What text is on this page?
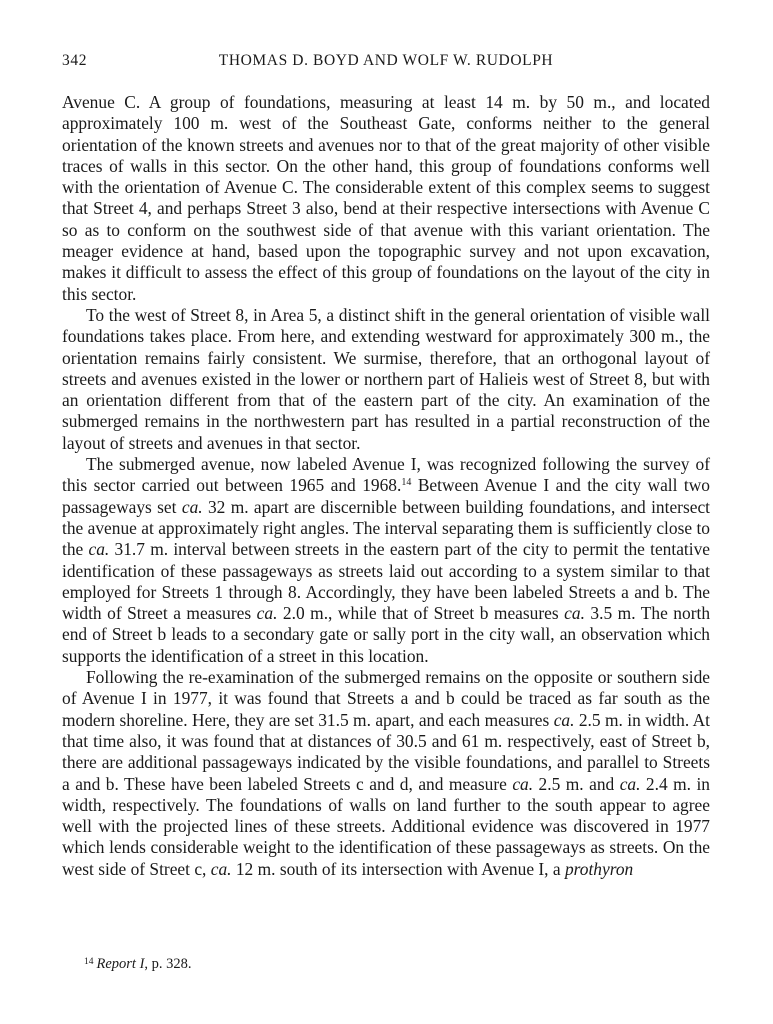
342	THOMAS D. BOYD AND WOLF W. RUDOLPH

Avenue C. A group of foundations, measuring at least 14 m. by 50 m., and located approximately 100 m. west of the Southeast Gate, conforms neither to the general orientation of the known streets and avenues nor to that of the great majority of other visible traces of walls in this sector. On the other hand, this group of foundations conforms well with the orientation of Avenue C. The considerable extent of this complex seems to suggest that Street 4, and perhaps Street 3 also, bend at their respective intersections with Avenue C so as to conform on the southwest side of that avenue with this variant orientation. The meager evidence at hand, based upon the topographic survey and not upon excavation, makes it difficult to assess the effect of this group of foundations on the layout of the city in this sector.

To the west of Street 8, in Area 5, a distinct shift in the general orientation of visible wall foundations takes place. From here, and extending westward for approximately 300 m., the orientation remains fairly consistent. We surmise, therefore, that an orthogonal layout of streets and avenues existed in the lower or northern part of Halieis west of Street 8, but with an orientation different from that of the eastern part of the city. An examination of the submerged remains in the northwestern part has resulted in a partial reconstruction of the layout of streets and avenues in that sector.

The submerged avenue, now labeled Avenue I, was recognized following the survey of this sector carried out between 1965 and 1968.14 Between Avenue I and the city wall two passageways set ca. 32 m. apart are discernible between building foundations, and intersect the avenue at approximately right angles. The interval separating them is sufficiently close to the ca. 31.7 m. interval between streets in the eastern part of the city to permit the tentative identification of these passageways as streets laid out according to a system similar to that employed for Streets 1 through 8. Accordingly, they have been labeled Streets a and b. The width of Street a measures ca. 2.0 m., while that of Street b measures ca. 3.5 m. The north end of Street b leads to a secondary gate or sally port in the city wall, an observation which supports the identification of a street in this location.

Following the re-examination of the submerged remains on the opposite or southern side of Avenue I in 1977, it was found that Streets a and b could be traced as far south as the modern shoreline. Here, they are set 31.5 m. apart, and each measures ca. 2.5 m. in width. At that time also, it was found that at distances of 30.5 and 61 m. respectively, east of Street b, there are additional passageways indicated by the visible foundations, and parallel to Streets a and b. These have been labeled Streets c and d, and measure ca. 2.5 m. and ca. 2.4 m. in width, respectively. The foundations of walls on land further to the south appear to agree well with the projected lines of these streets. Additional evidence was discovered in 1977 which lends considerable weight to the identification of these passageways as streets. On the west side of Street c, ca. 12 m. south of its intersection with Avenue I, a prothyron

$^{14}$ Report I, p. 328.
